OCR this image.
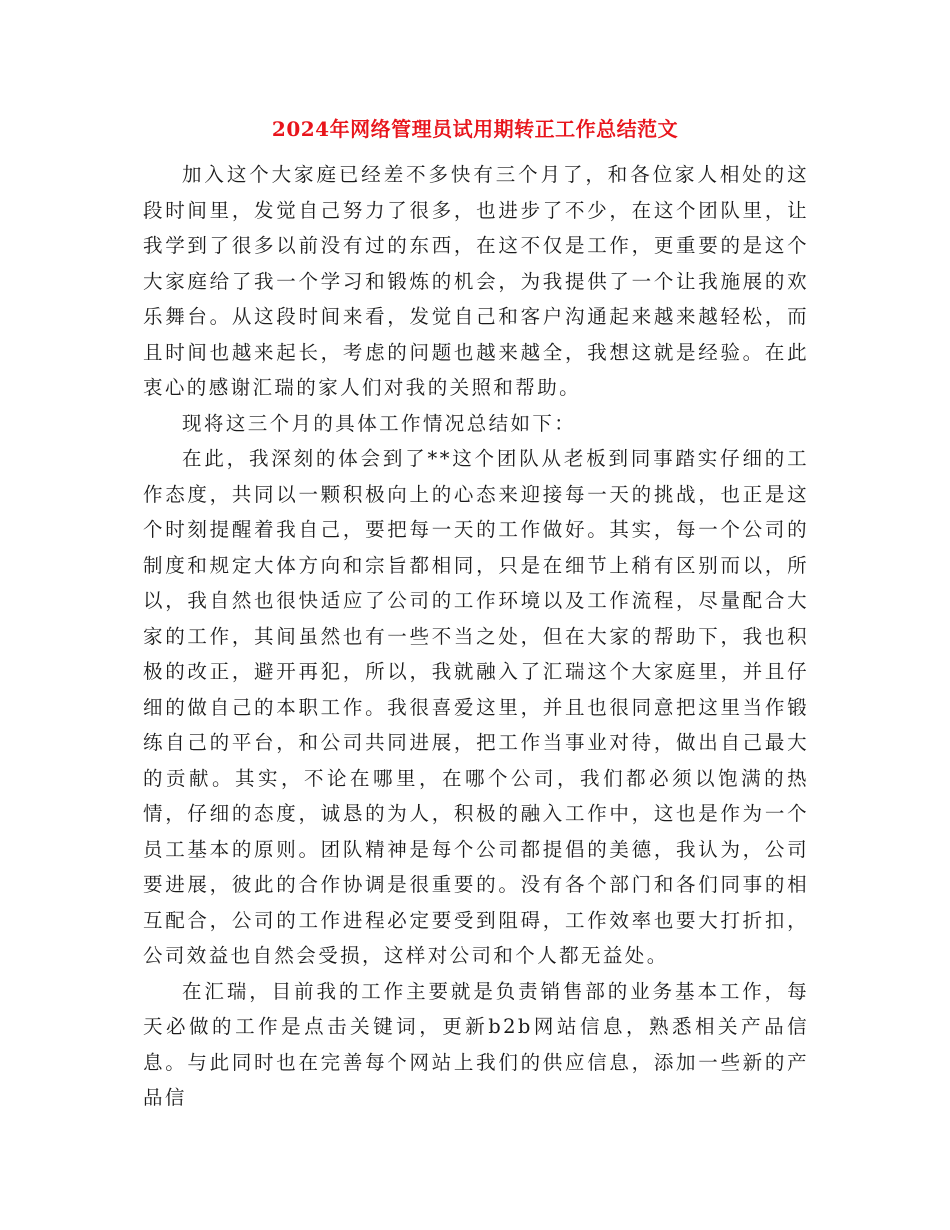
2024年网络管理员试用期转正工作总结范文

加入这个大家庭已经差不多快有三个月了，和各位家人相处的这段时间里，发觉自己努力了很多，也进步了不少，在这个团队里，让我学到了很多以前没有过的东西，在这不仅是工作，更重要的是这个大家庭给了我一个学习和锻炼的机会，为我提供了一个让我施展的欢乐舞台。从这段时间来看，发觉自己和客户沟通起来越来越轻松，而且时间也越来起长，考虑的问题也越来越全，我想这就是经验。在此衷心的感谢汇瑞的家人们对我的关照和帮助。

现将这三个月的具体工作情况总结如下：

在此，我深刻的体会到了**这个团队从老板到同事踏实仔细的工作态度，共同以一颗积极向上的心态来迎接每一天的挑战，也正是这个时刻提醒着我自己，要把每一天的工作做好。其实，每一个公司的制度和规定大体方向和宗旨都相同，只是在细节上稍有区别而以，所以，我自然也很快适应了公司的工作环境以及工作流程，尽量配合大家的工作，其间虽然也有一些不当之处，但在大家的帮助下，我也积极的改正，避开再犯，所以，我就融入了汇瑞这个大家庭里，并且仔细的做自己的本职工作。我很喜爱这里，并且也很同意把这里当作锻练自己的平台，和公司共同进展，把工作当事业对待，做出自己最大的贡献。其实，不论在哪里，在哪个公司，我们都必须以饱满的热情，仔细的态度，诚恳的为人，积极的融入工作中，这也是作为一个员工基本的原则。团队精神是每个公司都提倡的美德，我认为，公司要进展，彼此的合作协调是很重要的。没有各个部门和各们同事的相互配合，公司的工作进程必定要受到阻碍，工作效率也要大打折扣，公司效益也自然会受损，这样对公司和个人都无益处。

在汇瑞，目前我的工作主要就是负责销售部的业务基本工作，每天必做的工作是点击关键词，更新b2b网站信息，熟悉相关产品信息。与此同时也在完善每个网站上我们的供应信息，添加一些新的产品信
